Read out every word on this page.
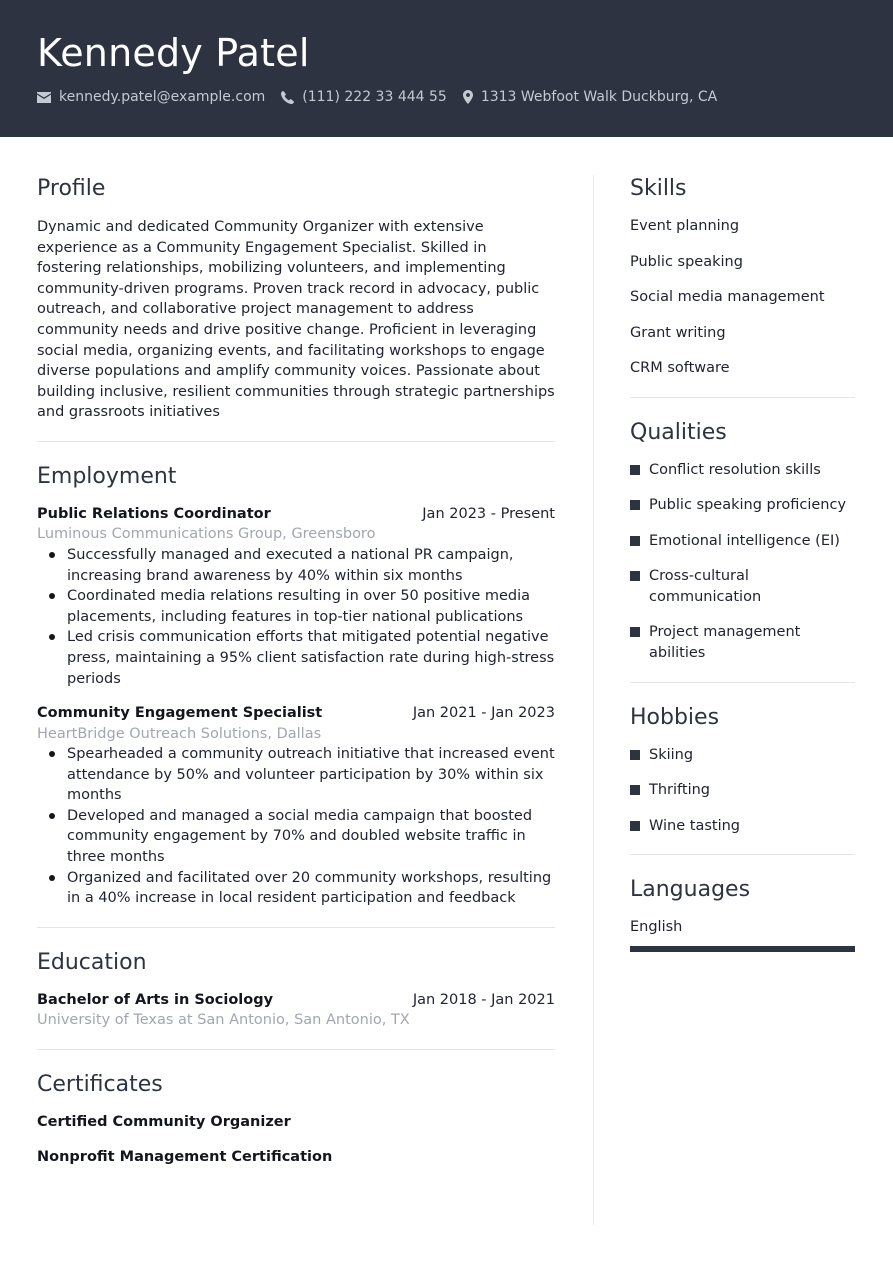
Kennedy Patel
kennedy.patel@example.com	(111) 222 33 444 55 1313 Webfoot Walk Duckburg, CA
Profile
Dynamic and dedicated Community Organizer with extensive experience as a Community Engagement Specialist. Skilled in fostering relationships, mobilizing volunteers, and implementing community-driven programs. Proven track record in advocacy, public outreach, and collaborative project management to address community needs and drive positive change. Proficient in leveraging social media, organizing events, and facilitating workshops to engage diverse populations and amplify community voices. Passionate about building inclusive, resilient communities through strategic partnerships and grassroots initiatives
Employment
Public Relations Coordinator	Jan 2023 - Present
Luminous Communications Group, Greensboro
Successfully managed and executed a national PR campaign, increasing brand awareness by 40% within six months
Coordinated media relations resulting in over 50 positive media placements, including features in top-tier national publications
Led crisis communication efforts that mitigated potential negative press, maintaining a 95% client satisfaction rate during high-stress periods
Community Engagement Specialist	Jan 2021 - Jan 2023
HeartBridge Outreach Solutions, Dallas
Spearheaded a community outreach initiative that increased event attendance by 50% and volunteer participation by 30% within six months
Developed and managed a social media campaign that boosted community engagement by 70% and doubled website traffic in three months
Organized and facilitated over 20 community workshops, resulting in a 40% increase in local resident participation and feedback
Education
Bachelor of Arts in Sociology	Jan 2018 - Jan 2021
University of Texas at San Antonio, San Antonio, TX
Certificates
Certified Community Organizer
Nonprofit Management Certification
Skills
Event planning
Public speaking
Social media management
Grant writing
CRM software
Qualities
Conflict resolution skills
Public speaking proficiency
Emotional intelligence (EI)
Cross-cultural communication
Project management abilities
Hobbies
Skiing
Thrifting
Wine tasting
Languages
English
